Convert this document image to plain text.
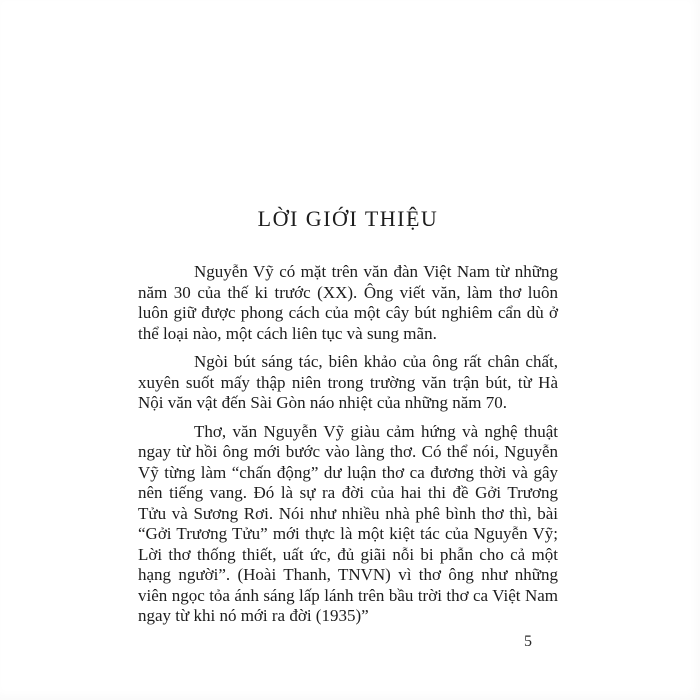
LỜI GIỚI THIỆU

Nguyễn Vỹ có mặt trên văn đàn Việt Nam từ những năm 30 của thế ki trước (XX). Ông viết văn, làm thơ luôn luôn giữ được phong cách của một cây bút nghiêm cẩn dù ở thể loại nào, một cách liên tục và sung mãn.

Ngòi bút sáng tác, biên khảo của ông rất chân chất, xuyên suốt mấy thập niên trong trường văn trận bút, từ Hà Nội văn vật đến Sài Gòn náo nhiệt của những năm 70.

Thơ, văn Nguyễn Vỹ giàu cảm hứng và nghệ thuật ngay từ hồi ông mới bước vào làng thơ. Có thể nói, Nguyễn Vỹ từng làm “chấn động” dư luận thơ ca đương thời và gây nên tiếng vang. Đó là sự ra đời của hai thi đề Gởi Trương Tửu và Sương Rơi. Nói như nhiều nhà phê bình thơ thì, bài “Gởi Trương Tửu” mới thực là một kiệt tác của Nguyễn Vỹ; Lời thơ thống thiết, uất ức, đủ giãi nỗi bi phẫn cho cả một hạng người”. (Hoài Thanh, TNVN) vì thơ ông như những viên ngọc tỏa ánh sáng lấp lánh trên bầu trời thơ ca Việt Nam ngay từ khi nó mới ra đời (1935)”

5
